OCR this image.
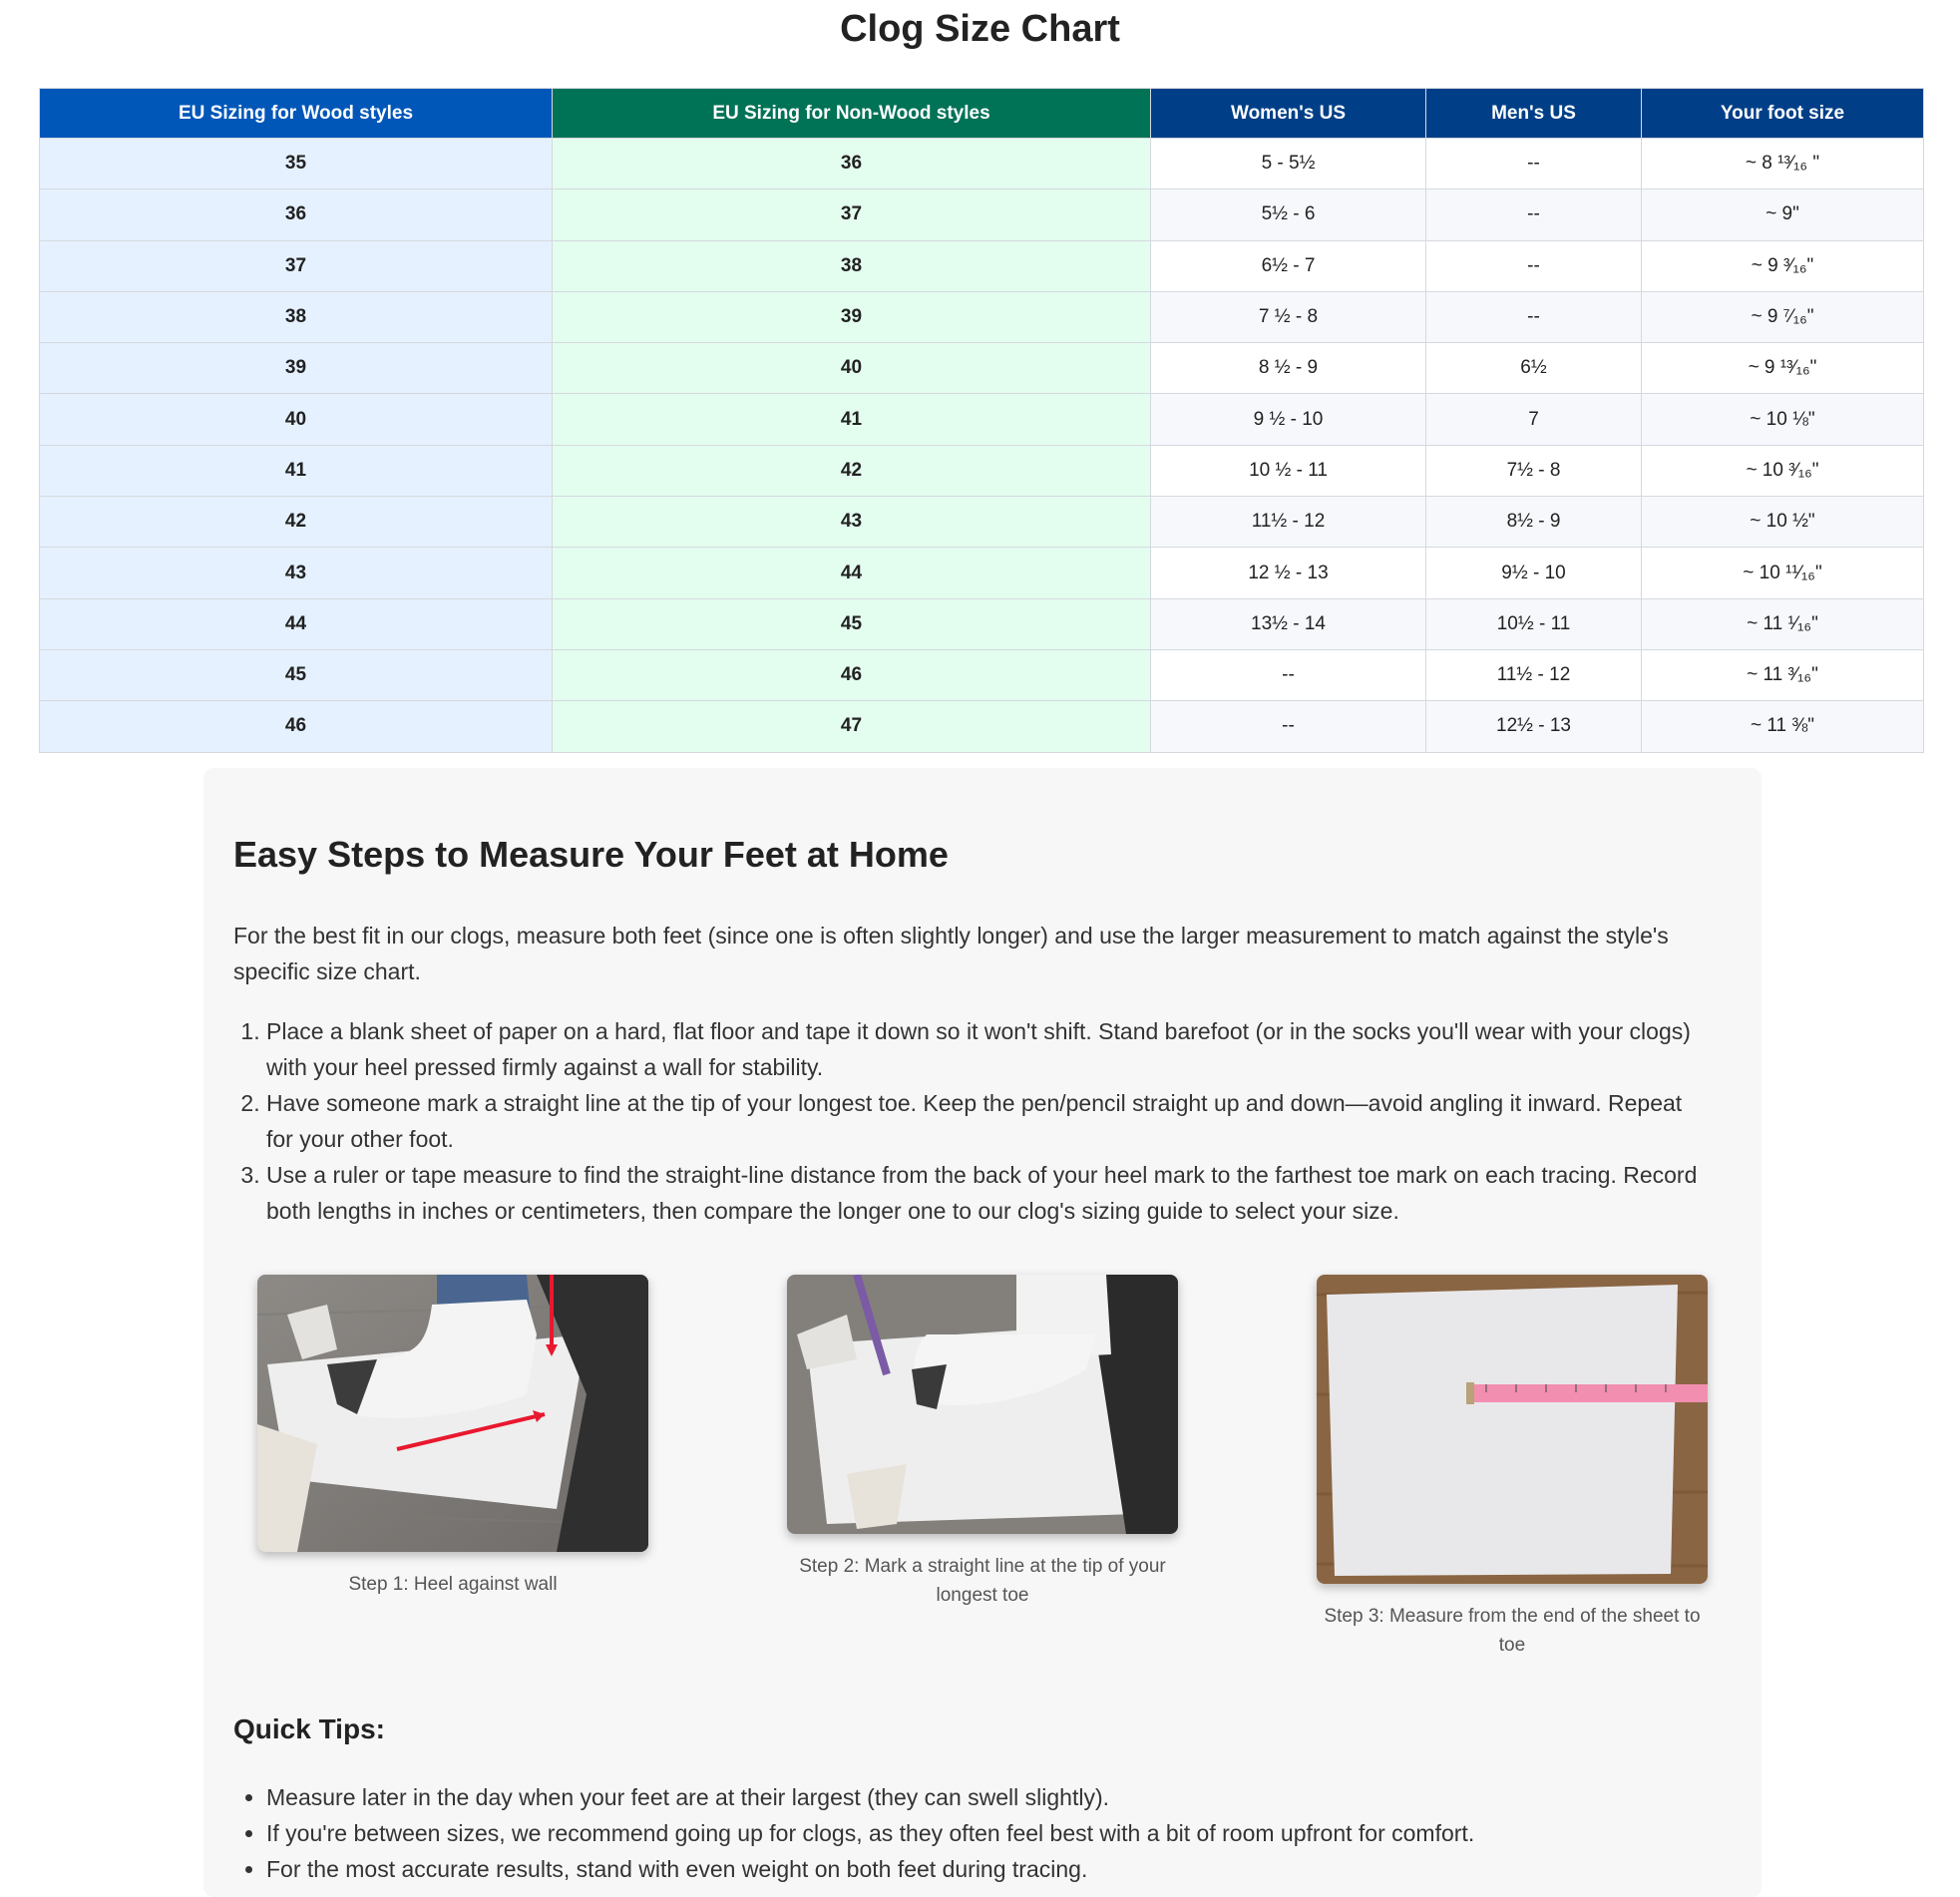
Clog Size Chart
EU Sizing for Wood styles	EU Sizing for Non-Wood styles	Women's US	Men's US	Your foot size
35	36	5 - 5½	--	~ 8 ¹³⁄₁₆ "
36	37	5½ - 6	--	~ 9"
37	38	6½ - 7	--	~ 9 ³⁄₁₆"
38	39	7 ½ - 8	--	~ 9 ⁷⁄₁₆"
39	40	8 ½ - 9	6½	~ 9 ¹³⁄₁₆"
40	41	9 ½ - 10	7	~ 10 ⅛"
41	42	10 ½ - 11	7½ - 8	~ 10 ³⁄₁₆"
42	43	11½ - 12	8½ - 9	~ 10 ½"
43	44	12 ½ - 13	9½ - 10	~ 10 ¹¹⁄₁₆"
44	45	13½ - 14	10½ - 11	~ 11 ¹⁄₁₆"
45	46	--	11½ - 12	~ 11 ³⁄₁₆"
46	47	--	12½ - 13	~ 11 ⅜"
Easy Steps to Measure Your Feet at Home

For the best fit in our clogs, measure both feet (since one is often slightly longer) and use the larger measurement to match against the style's specific size chart.

1. Place a blank sheet of paper on a hard, flat floor and tape it down so it won't shift. Stand barefoot (or in the socks you'll wear with your clogs) with your heel pressed firmly against a wall for stability.
2. Have someone mark a straight line at the tip of your longest toe. Keep the pen/pencil straight up and down—avoid angling it inward. Repeat for your other foot.
3. Use a ruler or tape measure to find the straight-line distance from the back of your heel mark to the farthest toe mark on each tracing. Record both lengths in inches or centimeters, then compare the longer one to our clog's sizing guide to select your size.
Step 1: Heel against wall
Step 2: Mark a straight line at the tip of your longest toe
Step 3: Measure from the end of the sheet to toe
Quick Tips:
• Measure later in the day when your feet are at their largest (they can swell slightly).
• If you're between sizes, we recommend going up for clogs, as they often feel best with a bit of room upfront for comfort.
• For the most accurate results, stand with even weight on both feet during tracing.
